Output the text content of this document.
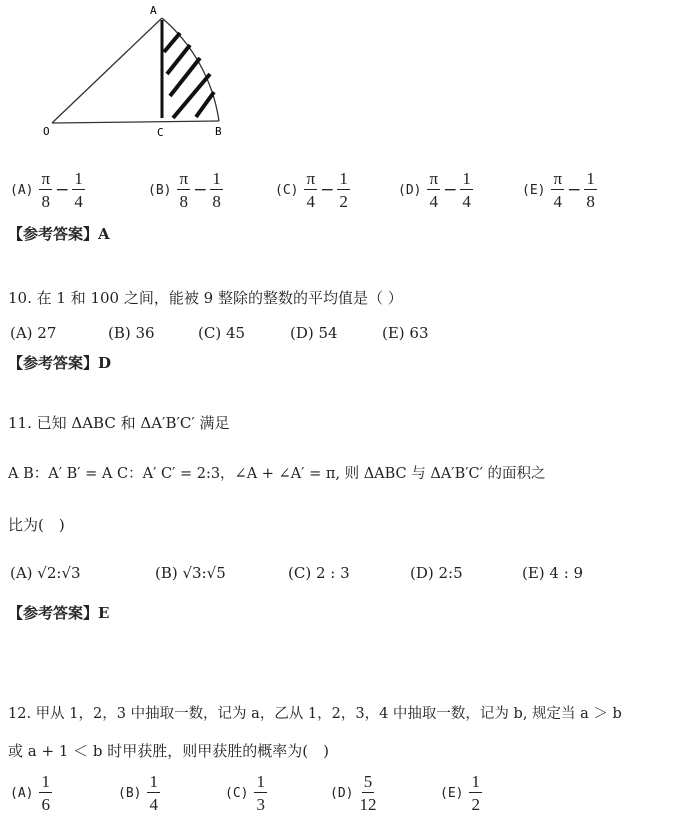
A
O	C	B
【参考答案】A
10. 在 1 和 100 之间，能被 9 整除的整数的平均值是（ ）
(A) 27	(B) 36	(C) 45	(D) 54	(E) 63
【参考答案】D
11. 已知 ΔABC 和 ΔA′B′C′ 满足
A B：A′ B′ = A C：A′ C′ = 2:3，∠A + ∠A′ = π, 则 ΔABC 与 ΔA′B′C′ 的面积之
比为(　)
(A) √2:√3	(B) √3:√5	(C) 2 : 3	(D) 2:5	(E) 4 : 9
【参考答案】E
12. 甲从 1，2，3 中抽取一数，记为 a，乙从 1，2，3，4 中抽取一数，记为 b, 规定当 a ＞ b
或 a + 1 ＜ b 时甲获胜，则甲获胜的概率为(　)
$(A) \frac{\pi}{8} - \frac{1}{4}$	$(B) \frac{\pi}{8} - \frac{1}{8}$	$(C) \frac{\pi}{4} - \frac{1}{2}$	$(D) \frac{\pi}{4} - \frac{1}{4}$	$(E) \frac{\pi}{4} - \frac{1}{8}$
$(A) \frac{1}{6}$	$(B) \frac{1}{4}$	$(C) \frac{1}{3}$	$(D) \frac{5}{12}$	$(E) \frac{1}{2}$
